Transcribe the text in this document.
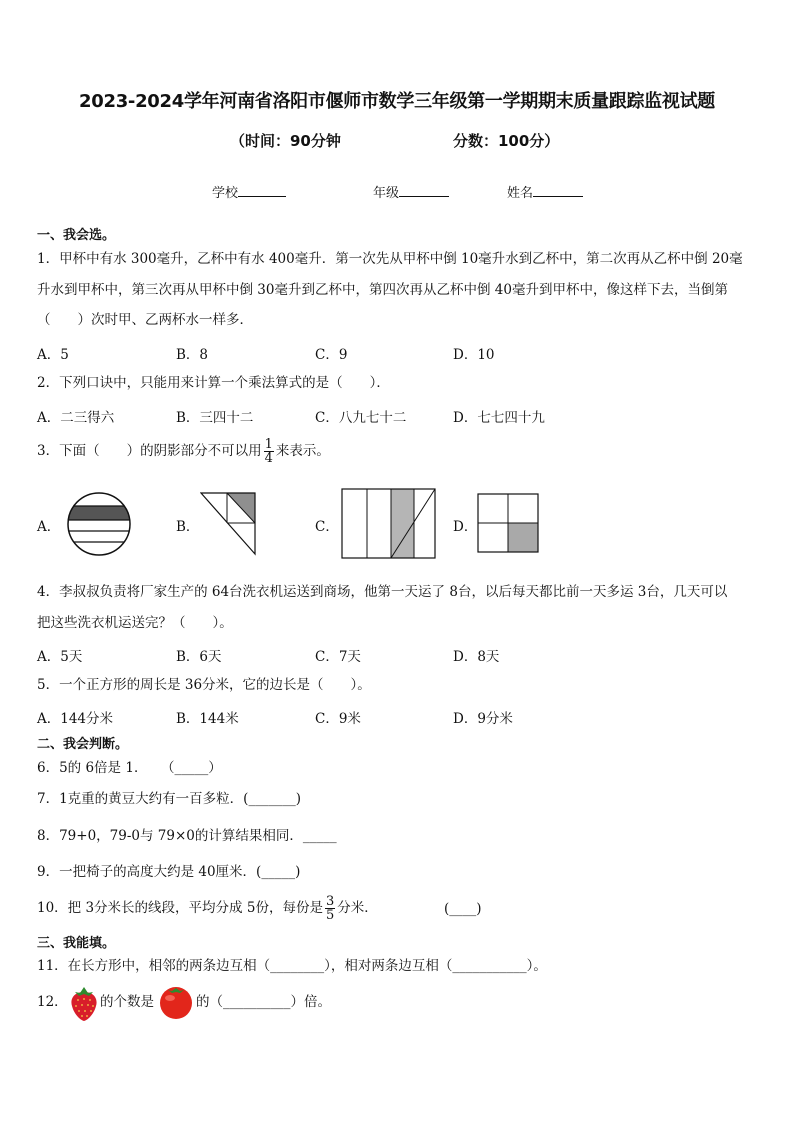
2023-2024学年河南省洛阳市偃师市数学三年级第一学期期末质量跟踪监视试题
（时间：90分钟	分数：100分）
学校	年级	姓名
一、我会选。
1．甲杯中有水 300毫升，乙杯中有水 400毫升．第一次先从甲杯中倒 10毫升水到乙杯中，第二次再从乙杯中倒 20毫
升水到甲杯中，第三次再从甲杯中倒 30毫升到乙杯中，第四次再从乙杯中倒 40毫升到甲杯中，像这样下去，当倒第
（　　）次时甲、乙两杯水一样多．
A．5	B．8	C．9	D．10
2．下列口诀中，只能用来计算一个乘法算式的是（　　）．
A．二三得六	B．三四十二	C．八九七十二	D．七七四十九
3．下面（　　）的阴影部分不可以用 $\frac{1}{4}$ 来表示。
A．	B．	C．	D．
4．李叔叔负责将厂家生产的 64台洗衣机运送到商场，他第一天运了 8台，以后每天都比前一天多运 3台，几天可以
把这些洗衣机运送完？（　　）。
A．5天	B．6天	C．7天	D．8天
5．一个正方形的周长是 36分米，它的边长是（　　）。
A．144分米	B．144米	C．9米	D．9分米
二、我会判断。
6．5的 6倍是 1．　　（_____）
7．1克重的黄豆大约有一百多粒．(_______)
8．79+0，79-0与 79×0的计算结果相同．_____
9．一把椅子的高度大约是 40厘米．(_____)
10．把 3分米长的线段，平均分成 5份，每份是 $\frac{3}{5}$ 分米．	(____)
三、我能填。
11．在长方形中，相邻的两条边互相（________），相对两条边互相（___________）。
12． 的个数是	的（__________）倍。
